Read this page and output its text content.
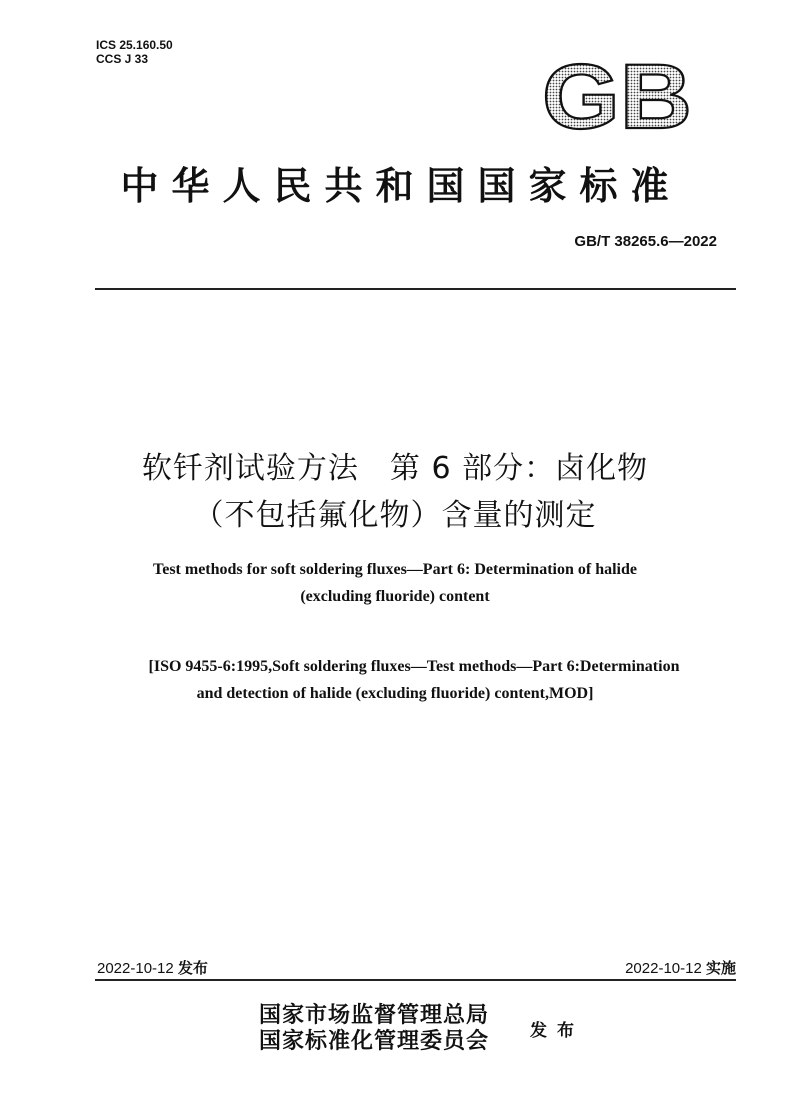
ICS 25.160.50
CCS J 33	GB
中华人民共和国国家标准
GB/T 38265.6—2022
软钎剂试验方法　第 6 部分：卤化物
（不包括氟化物）含量的测定
Test methods for soft soldering fluxes—Part 6: Determination of halide
(excluding fluoride) content
[ISO 9455-6:1995,Soft soldering fluxes—Test methods—Part 6:Determination
and detection of halide (excluding fluoride) content,MOD]
2022-10-12 发布	2022-10-12 实施
国家市场监督管理总局
国家标准化管理委员会 发布
